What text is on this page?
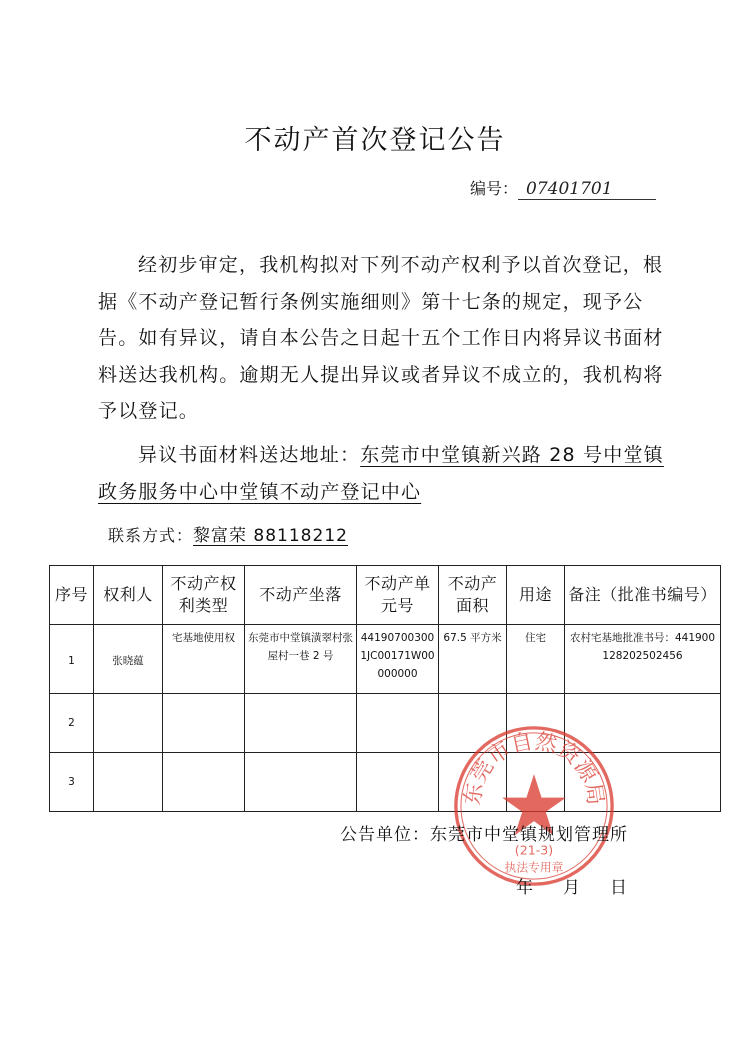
不动产首次登记公告
编号： 07401701
经初步审定，我机构拟对下列不动产权利予以首次登记，根据《不动产登记暂行条例实施细则》第十七条的规定，现予公告。如有异议，请自本公告之日起十五个工作日内将异议书面材料送达我机构。逾期无人提出异议或者异议不成立的，我机构将予以登记。
异议书面材料送达地址：东莞市中堂镇新兴路 28 号中堂镇政务服务中心中堂镇不动产登记中心
联系方式：黎富荣 88118212
序号	权利人	不动产权利类型	不动产坐落	不动产单元号	不动产面积	用途	备注（批准书编号）
1	张晓蕴	宅基地使用权	东莞市中堂镇潢翠村张屋村一巷 2 号	441907003001JC00171W00000000	67.5 平方米	住宅	农村宅基地批准书号：441900128202502456
2							
3								东莞市自然资源局
(21-3)
执法专用章
公告单位：东莞市中堂镇规划管理所
年 月 日
